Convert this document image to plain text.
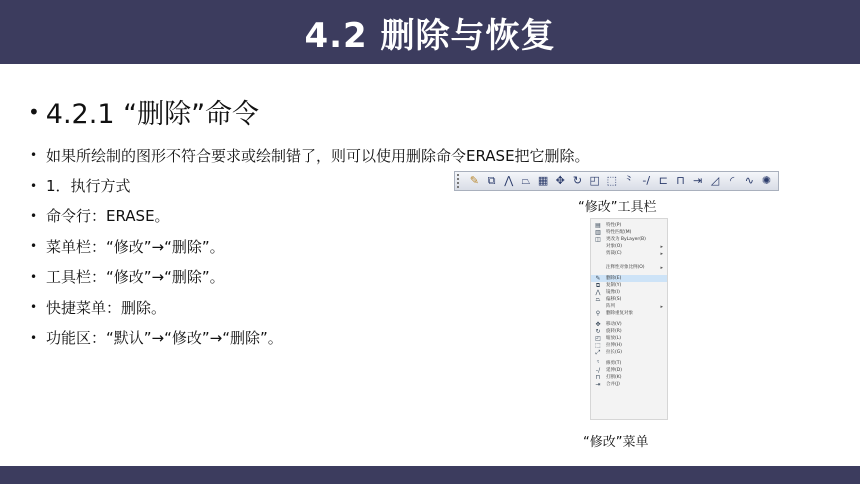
4.2 删除与恢复
• 4.2.1 “删除”命令
• 如果所绘制的图形不符合要求或绘制错了，则可以使用删除命令ERASE把它删除。
• 1．执行方式
• 命令行：ERASE。
• 菜单栏：“修改”→“删除”。
• 工具栏：“修改”→“删除”。
• 快捷菜单：删除。
• 功能区：“默认”→“修改”→“删除”。
✎ ⧉ ⋀ ⏢ ▦ ✥ ↻ ◰ ⬚ ⺀ -/ ⊏ ⊓ ⇥ ◿ ◜ ∿ ✺
“修改”工具栏
▤	特性(P)
▥	特性匹配(M)
◫	更改为 ByLayer(B)
对象(O)	▸
剪裁(C)	▸
注释性对象比例(O)	▸
✎	删除(E)
⧉	复制(Y)
⋀	镜像(I)
⏢	偏移(S)
阵列	▸
⚲	删除重复对象
✥	移动(V)
↻	旋转(R)
◰	缩放(L)
⬚	拉伸(H)
⤢	拉长(G)
⺀	修剪(T)
-/	延伸(D)
⊓	打断(K)
⇥	合并(J)
“修改”菜单
